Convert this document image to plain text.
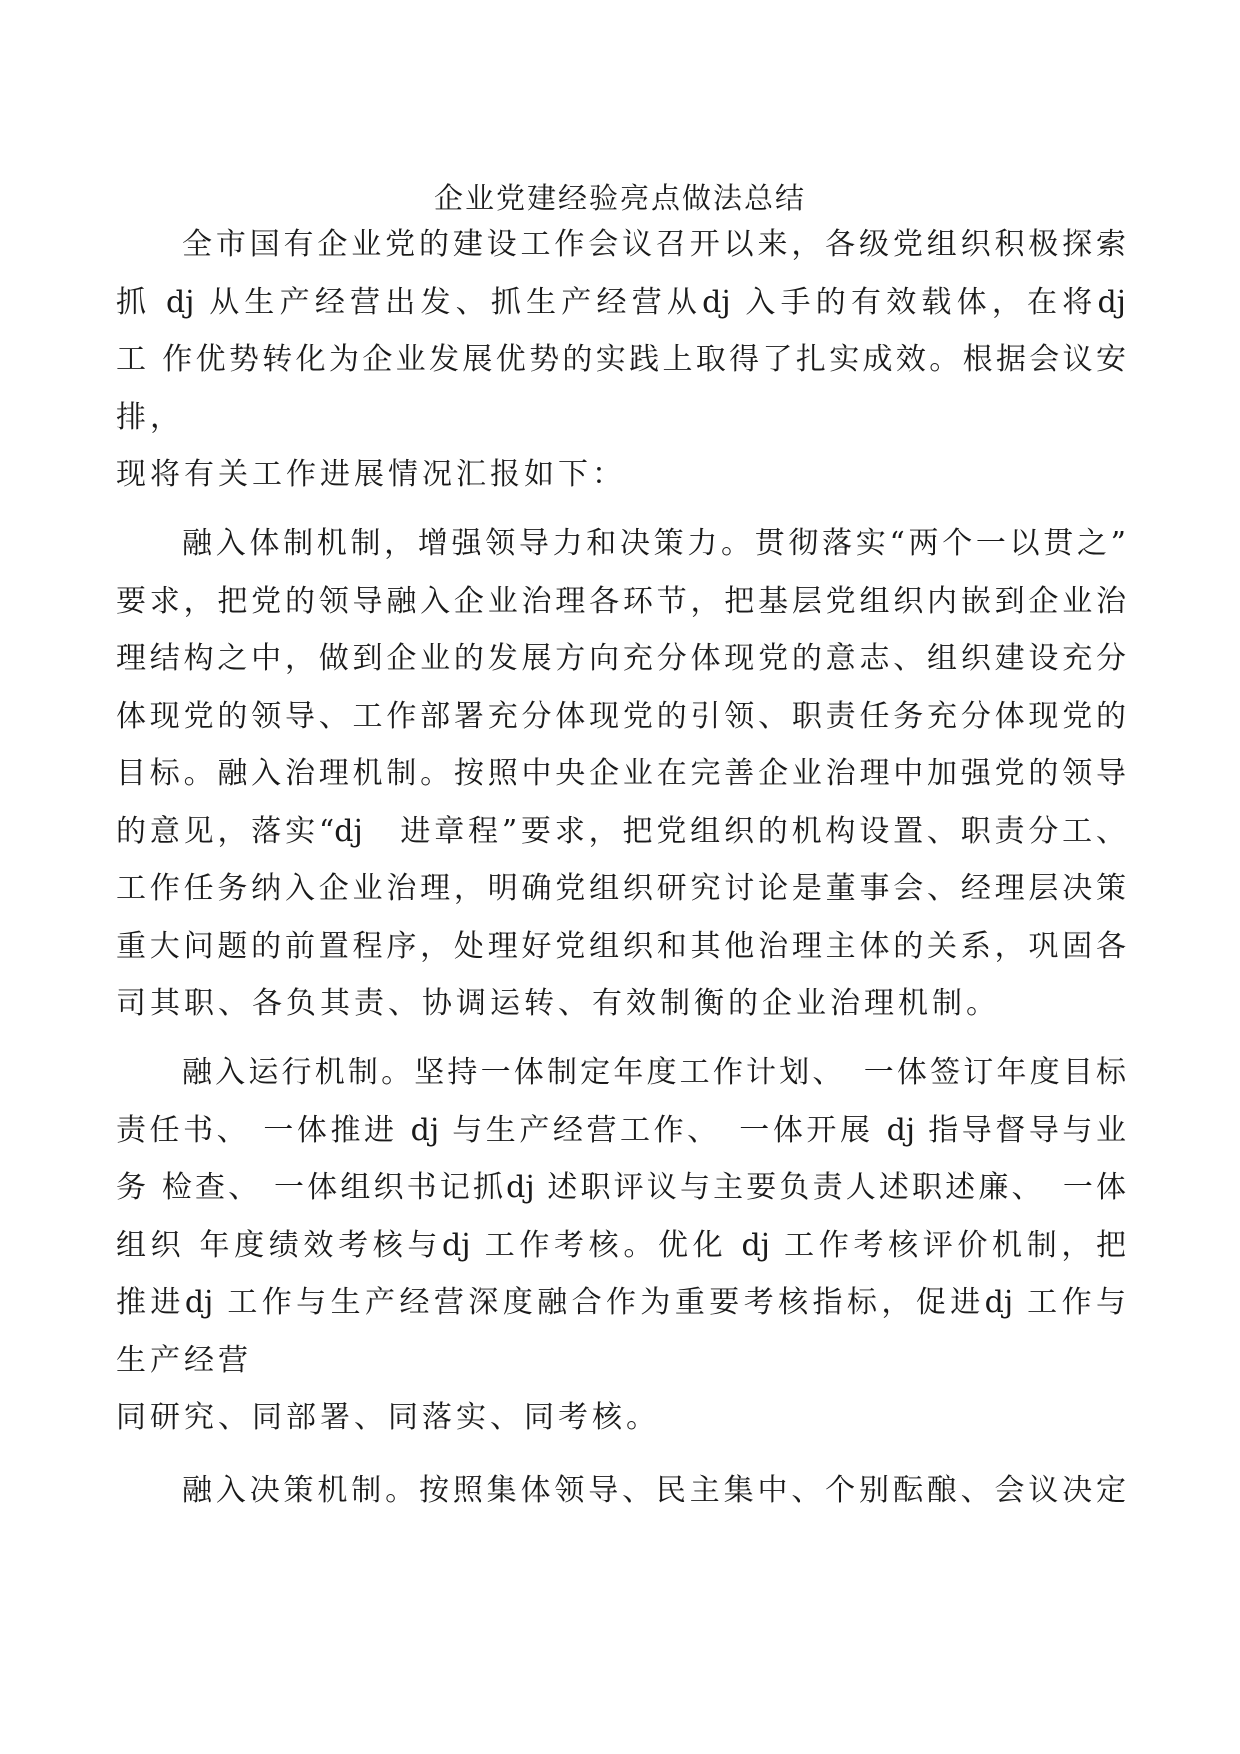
企业党建经验亮点做法总结
全市国有企业党的建设工作会议召开以来，各级党组织积极探索
抓 dj 从生产经营出发、抓生产经营从dj 入手的有效载体，在将dj
工 作优势转化为企业发展优势的实践上取得了扎实成效。根据会议安
排，
现将有关工作进展情况汇报如下：
融入体制机制，增强领导力和决策力。贯彻落实“两个一以贯之”
要求，把党的领导融入企业治理各环节，把基层党组织内嵌到企业治
理结构之中，做到企业的发展方向充分体现党的意志、组织建设充分
体现党的领导、工作部署充分体现党的引领、职责任务充分体现党的
目标。融入治理机制。按照中央企业在完善企业治理中加强党的领导
的意见，落实“dj　进章程”要求，把党组织的机构设置、职责分工、
工作任务纳入企业治理，明确党组织研究讨论是董事会、经理层决策
重大问题的前置程序，处理好党组织和其他治理主体的关系，巩固各
司其职、各负其责、协调运转、有效制衡的企业治理机制。
融入运行机制。坚持一体制定年度工作计划、　一体签订年度目标
责任书、 一体推进 dj 与生产经营工作、　一体开展 dj 指导督导与业
务 检查、 一体组织书记抓dj 述职评议与主要负责人述职述廉、　一体
组织 年度绩效考核与dj 工作考核。优化 dj 工作考核评价机制，把
推进dj 工作与生产经营深度融合作为重要考核指标，促进dj 工作与
生产经营
同研究、同部署、同落实、同考核。
融入决策机制。按照集体领导、民主集中、个别酝酿、会议决定
